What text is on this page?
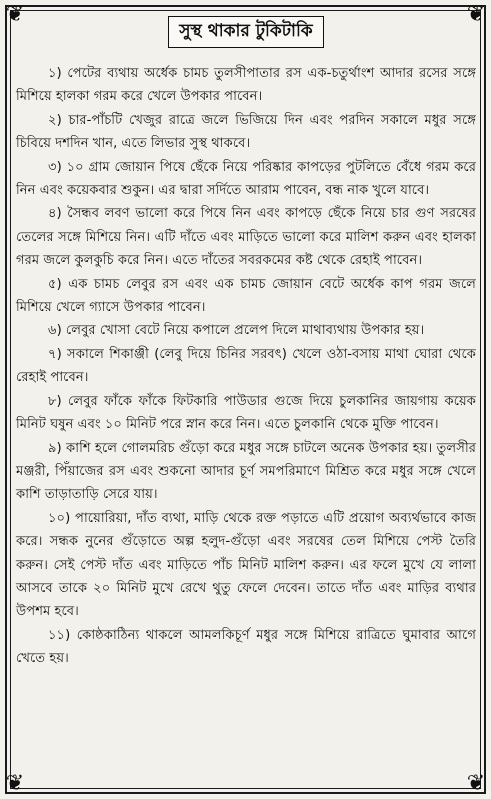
❦	❦
❦	❦
সুস্থ থাকার টুকিটাকি

১) পেটের ব্যথায় অর্ধেক চামচ তুলসীপাতার রস এক-চতুর্থাংশ আদার রসের সঙ্গে মিশিয়ে হালকা গরম করে খেলে উপকার পাবেন।

২) চার-পাঁচটি খেজুর রাত্রে জলে ভিজিয়ে দিন এবং পরদিন সকালে মধুর সঙ্গে চিবিয়ে দশদিন খান, এতে লিভার সুস্থ থাকবে।

৩) ১০ গ্রাম জোয়ান পিষে ছেঁকে নিয়ে পরিষ্কার কাপড়ের পুটলিতে বেঁধে গরম করে নিন এবং কয়েকবার শুকুন। এর দ্বারা সর্দিতে আরাম পাবেন, বন্ধ নাক খুলে যাবে।

৪) সৈন্ধব লবণ ভালো করে পিষে নিন এবং কাপড়ে ছেঁকে নিয়ে চার গুণ সরষের তেলের সঙ্গে মিশিয়ে নিন। এটি দাঁতে এবং মাড়িতে ভালো করে মালিশ করুন এবং হালকা গরম জলে কুলকুচি করে নিন। এতে দাঁতের সবরকমের কষ্ট থেকে রেহাই পাবেন।

৫) এক চামচ লেবুর রস এবং এক চামচ জোয়ান বেটে অর্ধেক কাপ গরম জলে মিশিয়ে খেলে গ্যাসে উপকার পাবেন।

৬) লেবুর খোসা বেটে নিয়ে কপালে প্রলেপ দিলে মাথাব্যথায় উপকার হয়।

৭) সকালে শিকাঞ্জী (লেবু দিয়ে চিনির সরবৎ) খেলে ওঠা-বসায় মাথা ঘোরা থেকে রেহাই পাবেন।

৮) লেবুর ফাঁকে ফাঁকে ফিটকারি পাউডার গুজে দিয়ে চুলকানির জায়গায় কয়েক মিনিট ঘষুন এবং ১০ মিনিট পরে স্নান করে নিন। এতে চুলকানি থেকে মুক্তি পাবেন।

৯) কাশি হলে গোলমরিচ গুঁড়ো করে মধুর সঙ্গে চাটলে অনেক উপকার হয়। তুলসীর মঞ্জরী, পিঁয়াজের রস এবং শুকনো আদার চূর্ণ সমপরিমাণে মিশ্রিত করে মধুর সঙ্গে খেলে কাশি তাড়াতাড়ি সেরে যায়।

১০) পায়োরিয়া, দাঁত ব্যথা, মাড়ি থেকে রক্ত পড়াতে এটি প্রয়োগ অব্যর্থভাবে কাজ করে। সন্ধক নুনের গুঁড়োতে অল্প হলুদ-গুঁড়ো এবং সরষের তেল মিশিয়ে পেস্ট তৈরি করুন। সেই পেস্ট দাঁত এবং মাড়িতে পাঁচ মিনিট মালিশ করুন। এর ফলে মুখে যে লালা আসবে তাকে ২০ মিনিট মুখে রেখে থুতু ফেলে দেবেন। তাতে দাঁত এবং মাড়ির ব্যথার উপশম হবে।

১১) কোষ্ঠকাঠিন্য থাকলে আমলকিচূর্ণ মধুর সঙ্গে মিশিয়ে রাত্রিতে ঘুমাবার আগে খেতে হয়।
